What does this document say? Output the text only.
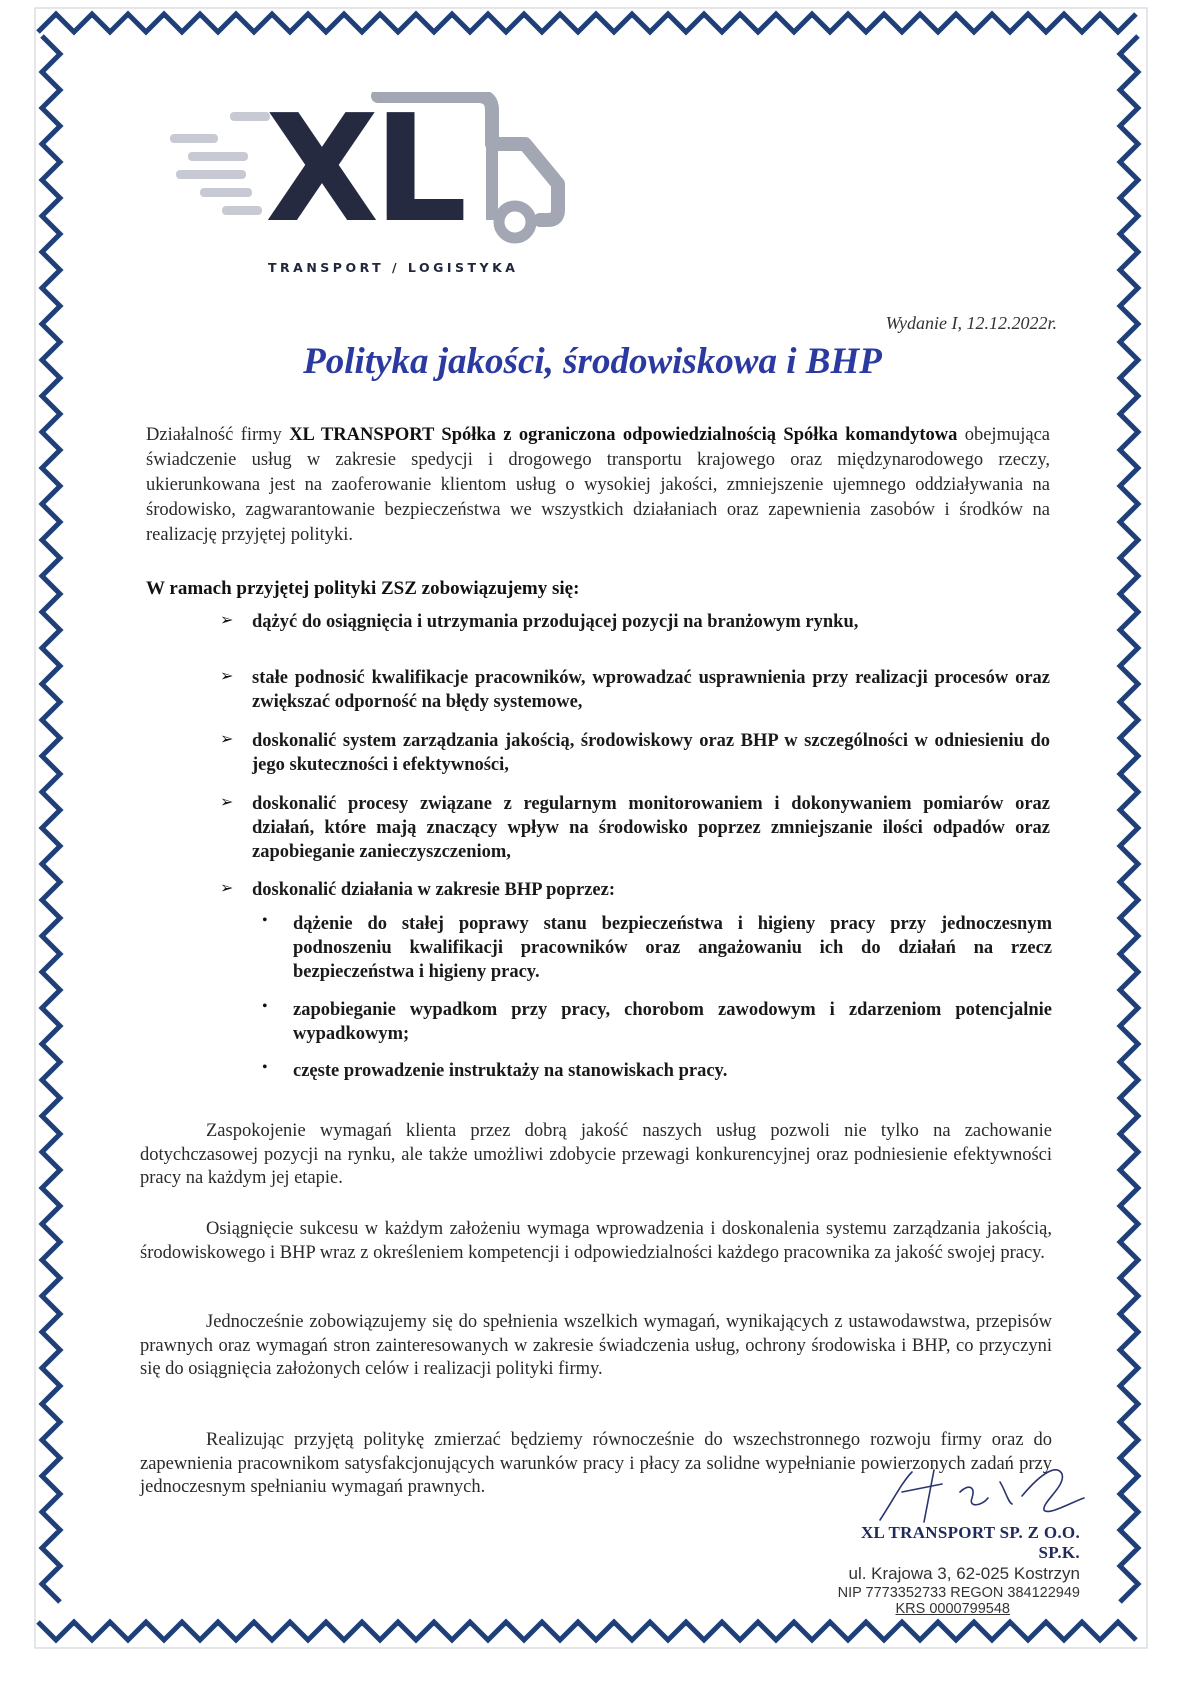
XL
TRANSPORT / LOGISTYKA
Wydanie I, 12.12.2022r.
Polityka jakości, środowiskowa i BHP

Działalność firmy XL TRANSPORT Spółka z ograniczona odpowiedzialnością Spółka komandytowa obejmująca świadczenie usług w zakresie spedycji i drogowego transportu krajowego oraz międzynarodowego rzeczy, ukierunkowana jest na zaoferowanie klientom usług o wysokiej jakości, zmniejszenie ujemnego oddziaływania na środowisko, zagwarantowanie bezpieczeństwa we wszystkich działaniach oraz zapewnienia zasobów i środków na realizację przyjętej polityki.

W ramach przyjętej polityki ZSZ zobowiązujemy się:

➢ dążyć do osiągnięcia i utrzymania przodującej pozycji na branżowym rynku,
➢ stałe podnosić kwalifikacje pracowników, wprowadzać usprawnienia przy realizacji procesów oraz zwiększać odporność na błędy systemowe,
➢ doskonalić system zarządzania jakością, środowiskowy oraz BHP w szczególności w odniesieniu do jego skuteczności i efektywności,
➢ doskonalić procesy związane z regularnym monitorowaniem i dokonywaniem pomiarów oraz działań, które mają znaczący wpływ na środowisko poprzez zmniejszanie ilości odpadów oraz zapobieganie zanieczyszczeniom,
➢ doskonalić działania w zakresie BHP poprzez:
• dążenie do stałej poprawy stanu bezpieczeństwa i higieny pracy przy jednoczesnym podnoszeniu kwalifikacji pracowników oraz angażowaniu ich do działań na rzecz bezpieczeństwa i higieny pracy.
• zapobieganie wypadkom przy pracy, chorobom zawodowym i zdarzeniom potencjalnie wypadkowym;
• częste prowadzenie instruktaży na stanowiskach pracy.

Zaspokojenie wymagań klienta przez dobrą jakość naszych usług pozwoli nie tylko na zachowanie dotychczasowej pozycji na rynku, ale także umożliwi zdobycie przewagi konkurencyjnej oraz podniesienie efektywności pracy na każdym jej etapie.

Osiągnięcie sukcesu w każdym założeniu wymaga wprowadzenia i doskonalenia systemu zarządzania jakością, środowiskowego i BHP wraz z określeniem kompetencji i odpowiedzialności każdego pracownika za jakość swojej pracy.

Jednocześnie zobowiązujemy się do spełnienia wszelkich wymagań, wynikających z ustawodawstwa, przepisów prawnych oraz wymagań stron zainteresowanych w zakresie świadczenia usług, ochrony środowiska i BHP, co przyczyni się do osiągnięcia założonych celów i realizacji polityki firmy.

Realizując przyjętą politykę zmierzać będziemy równocześnie do wszechstronnego rozwoju firmy oraz do zapewnienia pracownikom satysfakcjonujących warunków pracy i płacy za solidne wypełnianie powierzonych zadań przy jednoczesnym spełnianiu wymagań prawnych.

XL TRANSPORT SP. Z O.O. SP.K.
ul. Krajowa 3, 62-025 Kostrzyn
NIP 7773352733 REGON 384122949
KRS 0000799548
